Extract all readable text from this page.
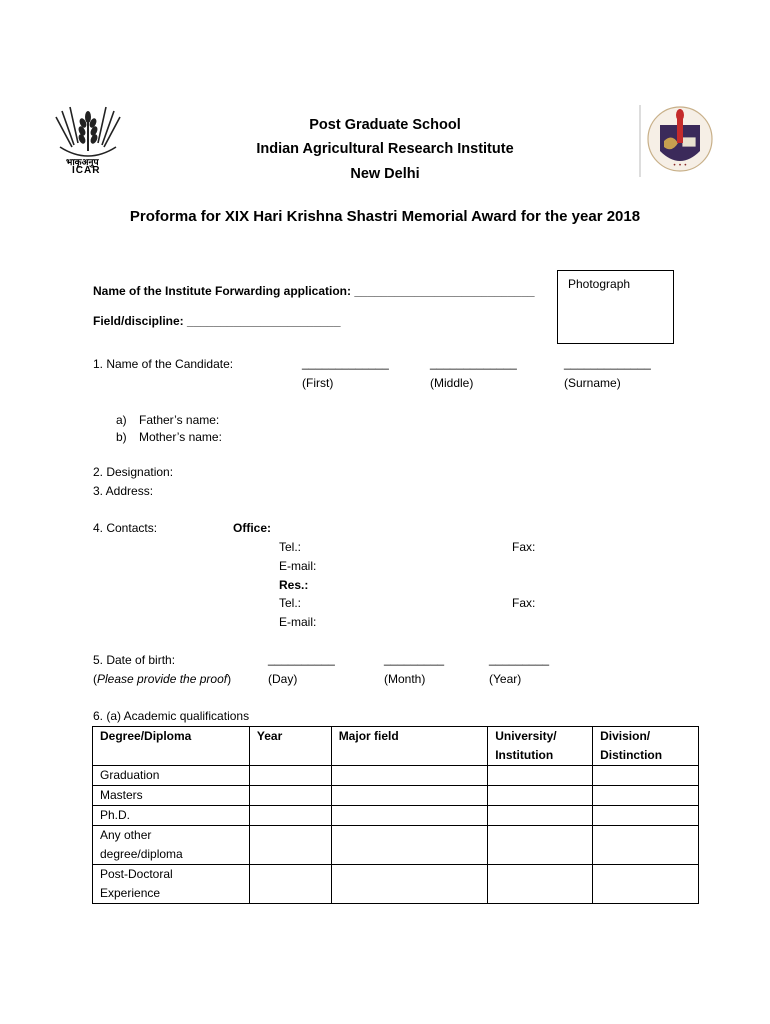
भाकृअनुप
ICAR	• • •
Post Graduate School
Indian Agricultural Research Institute
New Delhi
Proforma for XIX Hari Krishna Shastri Memorial Award for the year 2018
Name of the Institute Forwarding application: ___________________________
Field/discipline: _______________________
Photograph
1. Name of the Candidate:	_____________	_____________	_____________
(First)	(Middle)	(Surname)
a) Father’s name:
b) Mother’s name:
2. Designation:
3. Address:
4. Contacts:	Office:
Tel.:	Fax:
E-mail:
Res.:
Tel.:	Fax:
E-mail:
5. Date of birth:
(Please provide the proof)
__________	_________	_________
(Day)	(Month)	(Year)
6. (a) Academic qualifications
Degree/Diploma	Year	Major field	University/ Institution	Division/ Distinction
Graduation				
Masters				
Ph.D.				
Any other degree/diploma				
Post-Doctoral Experience				
